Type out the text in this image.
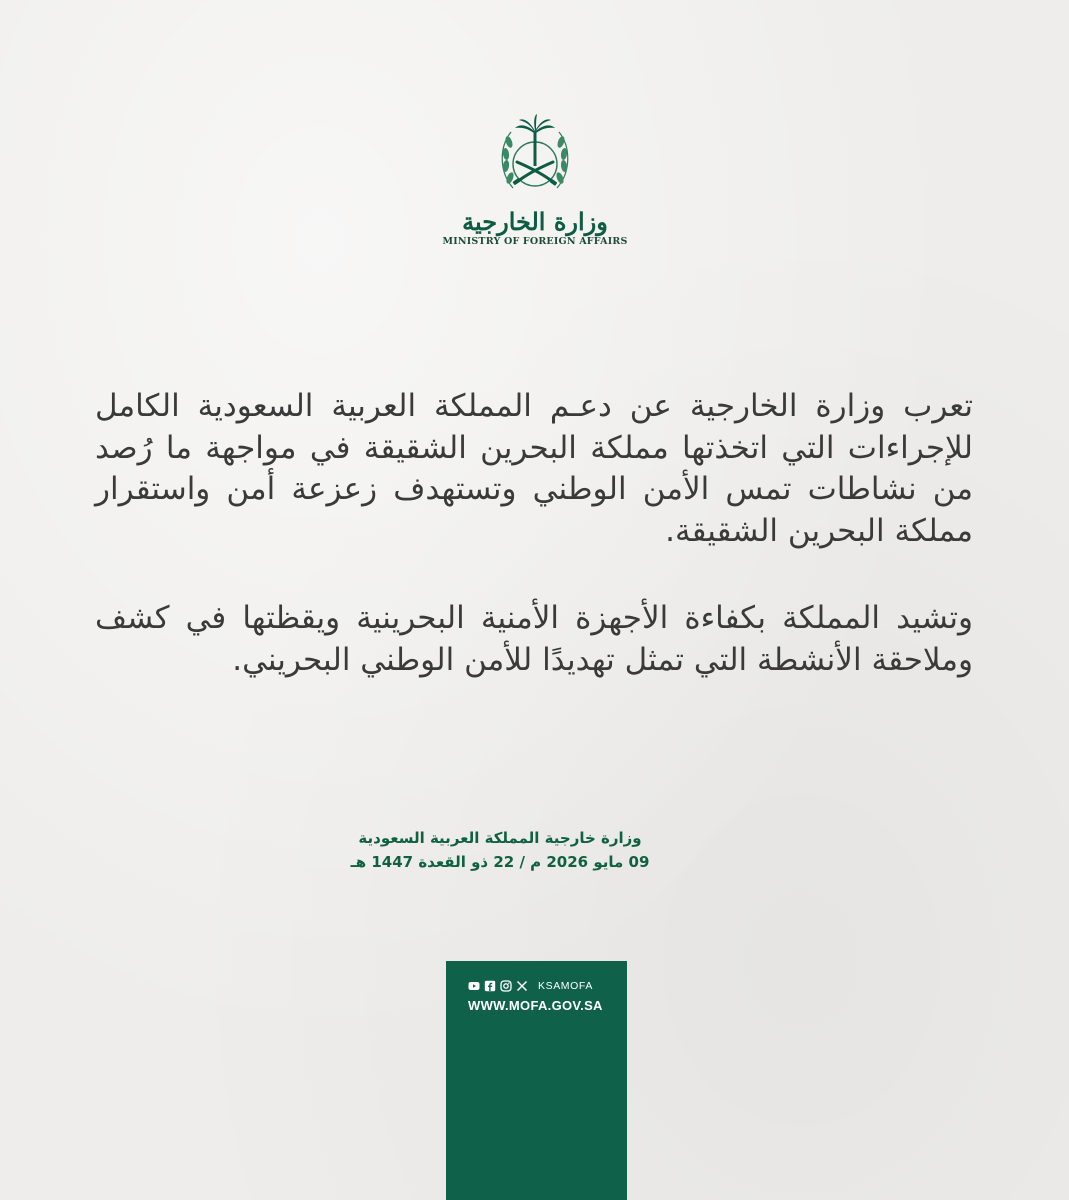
وزارة الخارجية
MINISTRY OF FOREIGN AFFAIRS

تعرب وزارة الخارجية عن دعـم المملكة العربية السعودية الكامل للإجراءات التي اتخذتها مملكة البحرين الشقيقة في مواجهة ما رُصد من نشاطات تمس الأمن الوطني وتستهدف زعزعة أمن واستقرار مملكة البحرين الشقيقة.

وتشيد المملكة بكفاءة الأجهزة الأمنية البحرينية ويقظتها في كشف وملاحقة الأنشطة التي تمثل تهديدًا للأمن الوطني البحريني.

وزارة خارجية المملكة العربية السعودية
09 مايو 2026 م / 22 ذو القعدة 1447 هـ
KSAMOFA
WWW.MOFA.GOV.SA
